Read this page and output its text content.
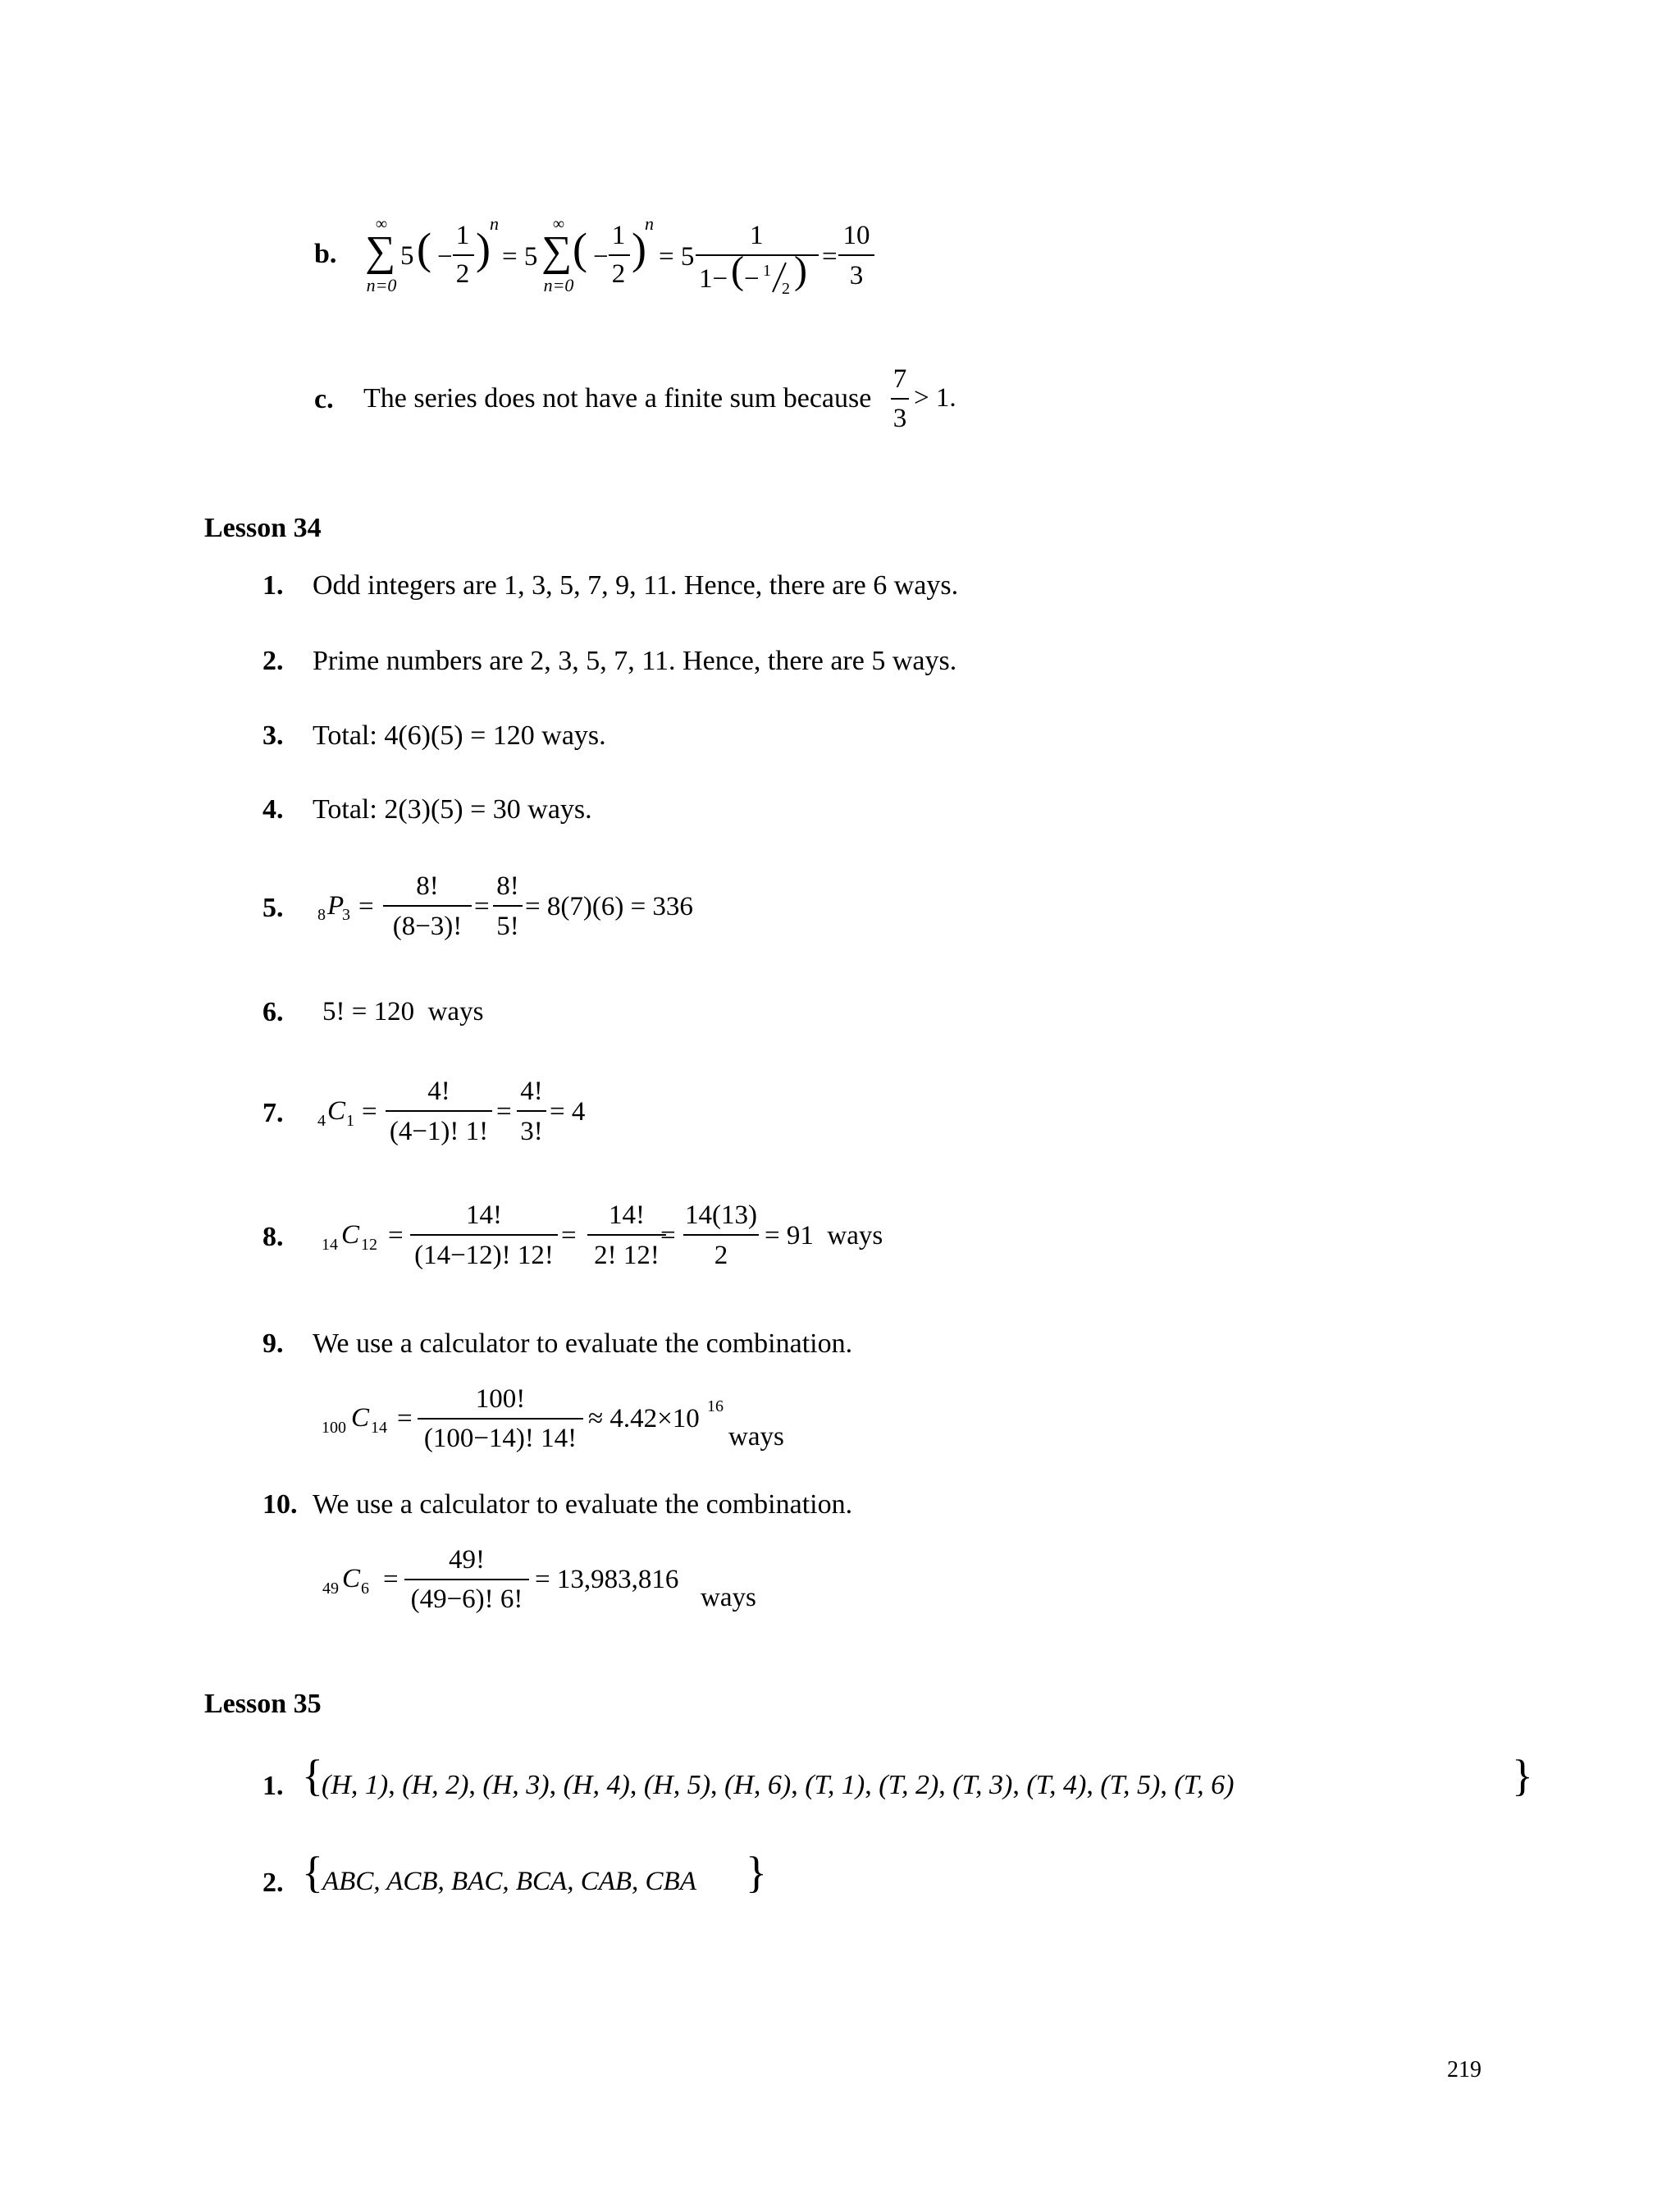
b.
∞
∑
n=0
5 ( −
1
2
)
n
= 5
∞
∑
n=0
( −
1
2
)
n
= 5
1
1− ( − 1
2 ) =
10
3
c. The series does not have a finite sum because
7
3
> 1.
Lesson 34
1. Odd integers are 1, 3, 5, 7, 9, 11. Hence, there are 6 ways.
2. Prime numbers are 2, 3, 5, 7, 11. Hence, there are 5 ways.
3. Total: 4(6)(5) = 120 ways.
4. Total: 2(3)(5) = 30 ways.
5. 8 P
3 =
8!
(8−3)!
=
8!
5!
= 8(7)(6) = 336
6. 5! = 120  ways
7. 4 C 1 =
4!
(4−1)! 1!
=
4!
3!
= 4
8. 14 C 12 =
14!
(14−12)! 12!
=
14!
2! 12!
=
14(13)
2
= 91  ways
9. We use a calculator to evaluate the combination.
100 C 14 =
100!
(100−14)! 14!
≈ 4.42×10 16
ways
10. We use a calculator to evaluate the combination.
49 C 6 =
49!
(49−6)! 6!
= 13,983,816
ways
Lesson 35
1. {
(H, 1), (H, 2), (H, 3), (H, 4), (H, 5), (H, 6), (T, 1), (T, 2), (T, 3), (T, 4), (T, 5), (T, 6)	}
2. { ABC, ACB, BAC, BCA, CAB, CBA }
219
